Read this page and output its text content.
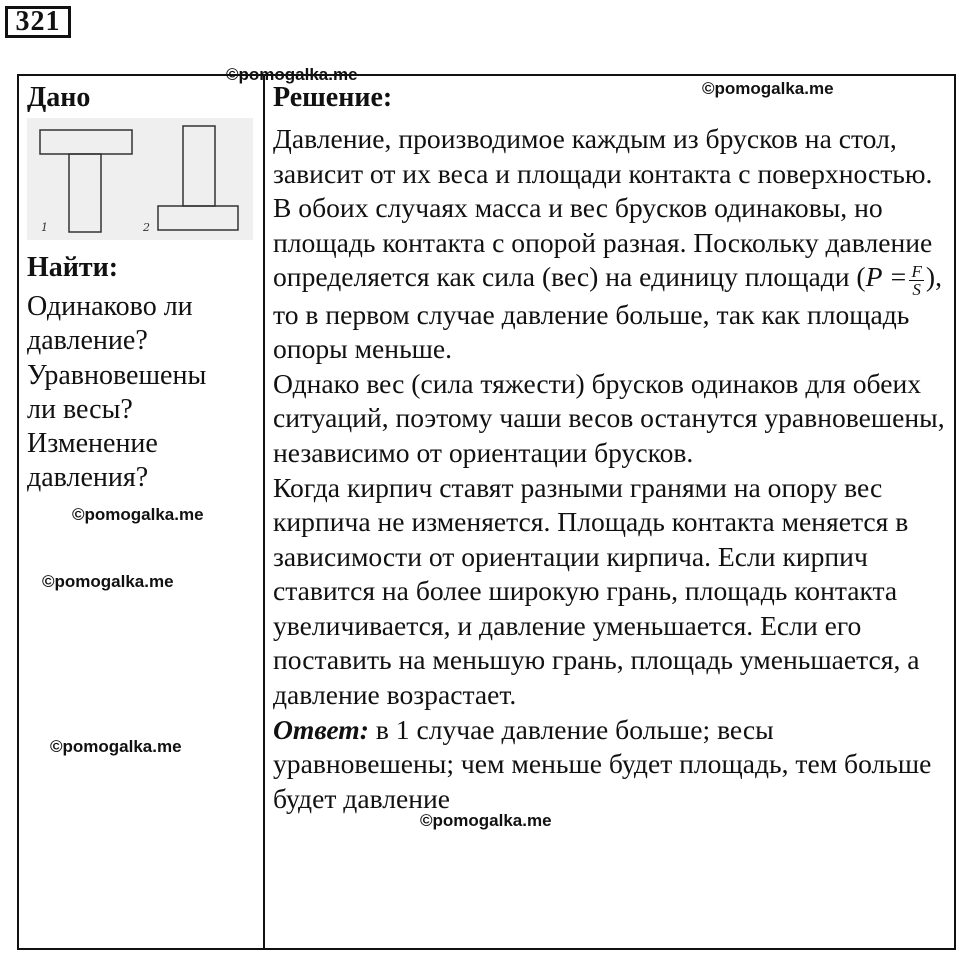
321
Дано
1	2
Найти:
Одинаково ли
давление?
Уравновешены
ли весы?
Изменение
давления?
Решение:

Давление, производимое каждым из брусков на стол, зависит от их веса и площади контакта с поверхностью. В обоих случаях масса и вес брусков одинаковы, но площадь контакта с опорой разная. Поскольку давление определяется как сила (вес) на единицу площади ($P = \frac{F}{S}$ ), то в первом случае давление больше, так как площадь опоры меньше.

Однако вес (сила тяжести) брусков одинаков для обеих ситуаций, поэтому чаши весов останутся уравновешены, независимо от ориентации брусков.

Когда кирпич ставят разными гранями на опору вес кирпича не изменяется. Площадь контакта меняется в зависимости от ориентации кирпича. Если кирпич ставится на более широкую грань, площадь контакта увеличивается, и давление уменьшается. Если его поставить на меньшую грань, площадь уменьшается, а давление возрастает.

Ответ: в 1 случае давление больше; весы уравновешены; чем меньше будет площадь, тем больше будет давление

©pomogalka.me
©pomogalka.me
©pomogalka.me
©pomogalka.me
©pomogalka.me
©pomogalka.me
